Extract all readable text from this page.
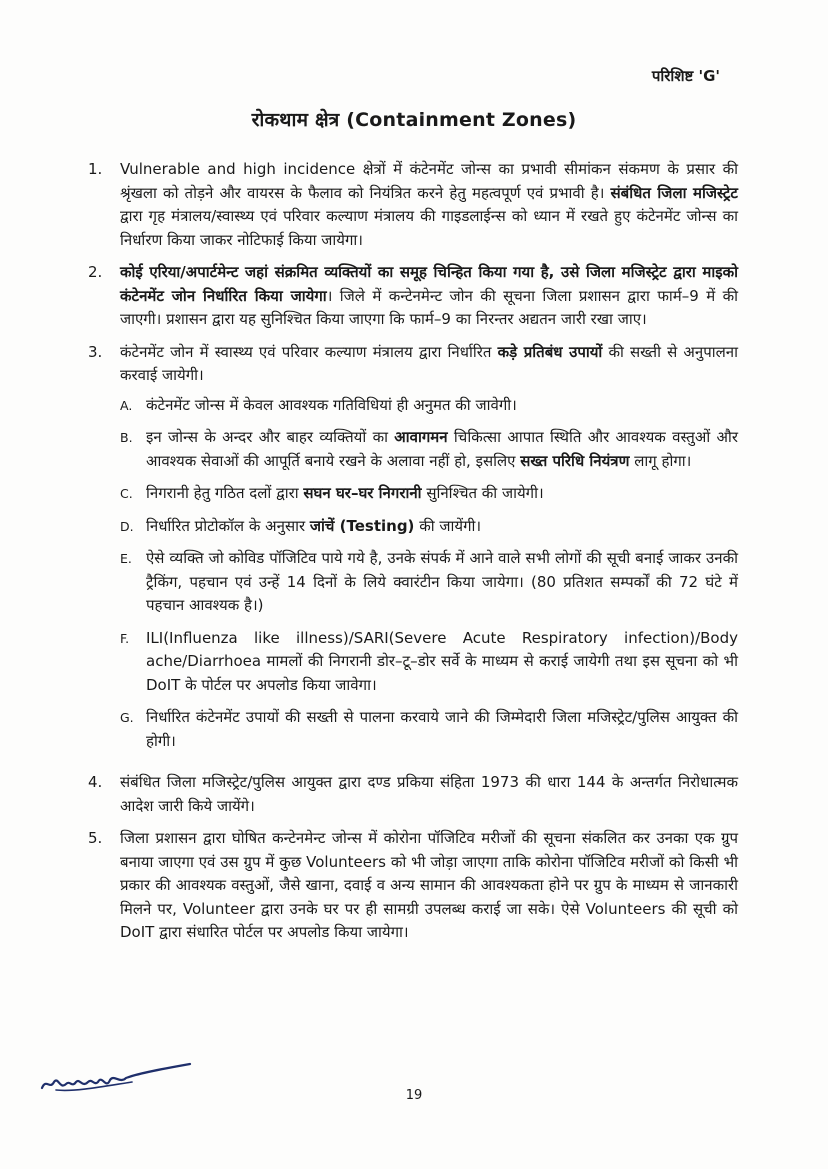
परिशिष्ट 'G'
रोकथाम क्षेत्र (Containment Zones)
1.	Vulnerable and high incidence क्षेत्रों में कंटेनमेंट जोन्स का प्रभावी सीमांकन संकमण के प्रसार की श्रृंखला को तोड़ने और वायरस के फैलाव को नियंत्रित करने हेतु महत्वपूर्ण एवं प्रभावी है। संबंधित जिला मजिस्ट्रेट द्वारा गृह मंत्रालय/स्वास्थ्य एवं परिवार कल्याण मंत्रालय की गाइडलाईन्स को ध्यान में रखते हुए कंटेनमेंट जोन्स का निर्धारण किया जाकर नोटिफाई किया जायेगा।
2.	कोई एरिया/अपार्टमेन्ट जहां संक्रमित व्यक्तियों का समूह चिन्हित किया गया है, उसे जिला मजिस्ट्रेट द्वारा माइको कंटेनमेंट जोन निर्धारित किया जायेगा। जिले में कन्टेनमेन्ट जोन की सूचना जिला प्रशासन द्वारा फार्म–9 में की जाएगी। प्रशासन द्वारा यह सुनिश्चित किया जाएगा कि फार्म–9 का निरन्तर अद्यतन जारी रखा जाए।
3.	कंटेनमेंट जोन में स्वास्थ्य एवं परिवार कल्याण मंत्रालय द्वारा निर्धारित कड़े प्रतिबंध उपायों की सख्ती से अनुपालना करवाई जायेगी।
A. कंटेनमेंट जोन्स में केवल आवश्यक गतिविधियां ही अनुमत की जावेगी।
B. इन जोन्स के अन्दर और बाहर व्यक्तियों का आवागमन चिकित्सा आपात स्थिति और आवश्यक वस्तुओं और आवश्यक सेवाओं की आपूर्ति बनाये रखने के अलावा नहीं हो, इसलिए सख्त परिधि नियंत्रण लागू होगा।
C. निगरानी हेतु गठित दलों द्वारा सघन घर–घर निगरानी सुनिश्चित की जायेगी।
D. निर्धारित प्रोटोकॉल के अनुसार जांचें (Testing) की जायेंगी।
E. ऐसे व्यक्ति जो कोविड पॉजिटिव पाये गये है, उनके संपर्क में आने वाले सभी लोगों की सूची बनाई जाकर उनकी ट्रैकिंग, पहचान एवं उन्हें 14 दिनों के लिये क्वारंटीन किया जायेगा। (80 प्रतिशत सम्पर्कों की 72 घंटे में पहचान आवश्यक है।)
F.	ILI(Influenza like illness)/SARI(Severe Acute Respiratory infection)/Body ache/Diarrhoea मामलों की निगरानी डोर–टू–डोर सर्वे के माध्यम से कराई जायेगी तथा इस सूचना को भी DoIT के पोर्टल पर अपलोड किया जावेगा।
G. निर्धारित कंटेनमेंट उपायों की सख्ती से पालना करवाये जाने की जिम्मेदारी जिला मजिस्ट्रेट/पुलिस आयुक्त की होगी।
4.	संबंधित जिला मजिस्ट्रेट/पुलिस आयुक्त द्वारा दण्ड प्रकिया संहिता 1973 की धारा 144 के अन्तर्गत निरोधात्मक आदेश जारी किये जायेंगे।
5.	जिला प्रशासन द्वारा घोषित कन्टेनमेन्ट जोन्स में कोरोना पॉजिटिव मरीजों की सूचना संकलित कर उनका एक ग्रुप बनाया जाएगा एवं उस ग्रुप में कुछ Volunteers को भी जोड़ा जाएगा ताकि कोरोना पॉजिटिव मरीजों को किसी भी प्रकार की आवश्यक वस्तुओं, जैसे खाना, दवाई व अन्य सामान की आवश्यकता होने पर ग्रुप के माध्यम से जानकारी मिलने पर, Volunteer द्वारा उनके घर पर ही सामग्री उपलब्ध कराई जा सके। ऐसे Volunteers की सूची को DoIT द्वारा संधारित पोर्टल पर अपलोड किया जायेगा।
19
